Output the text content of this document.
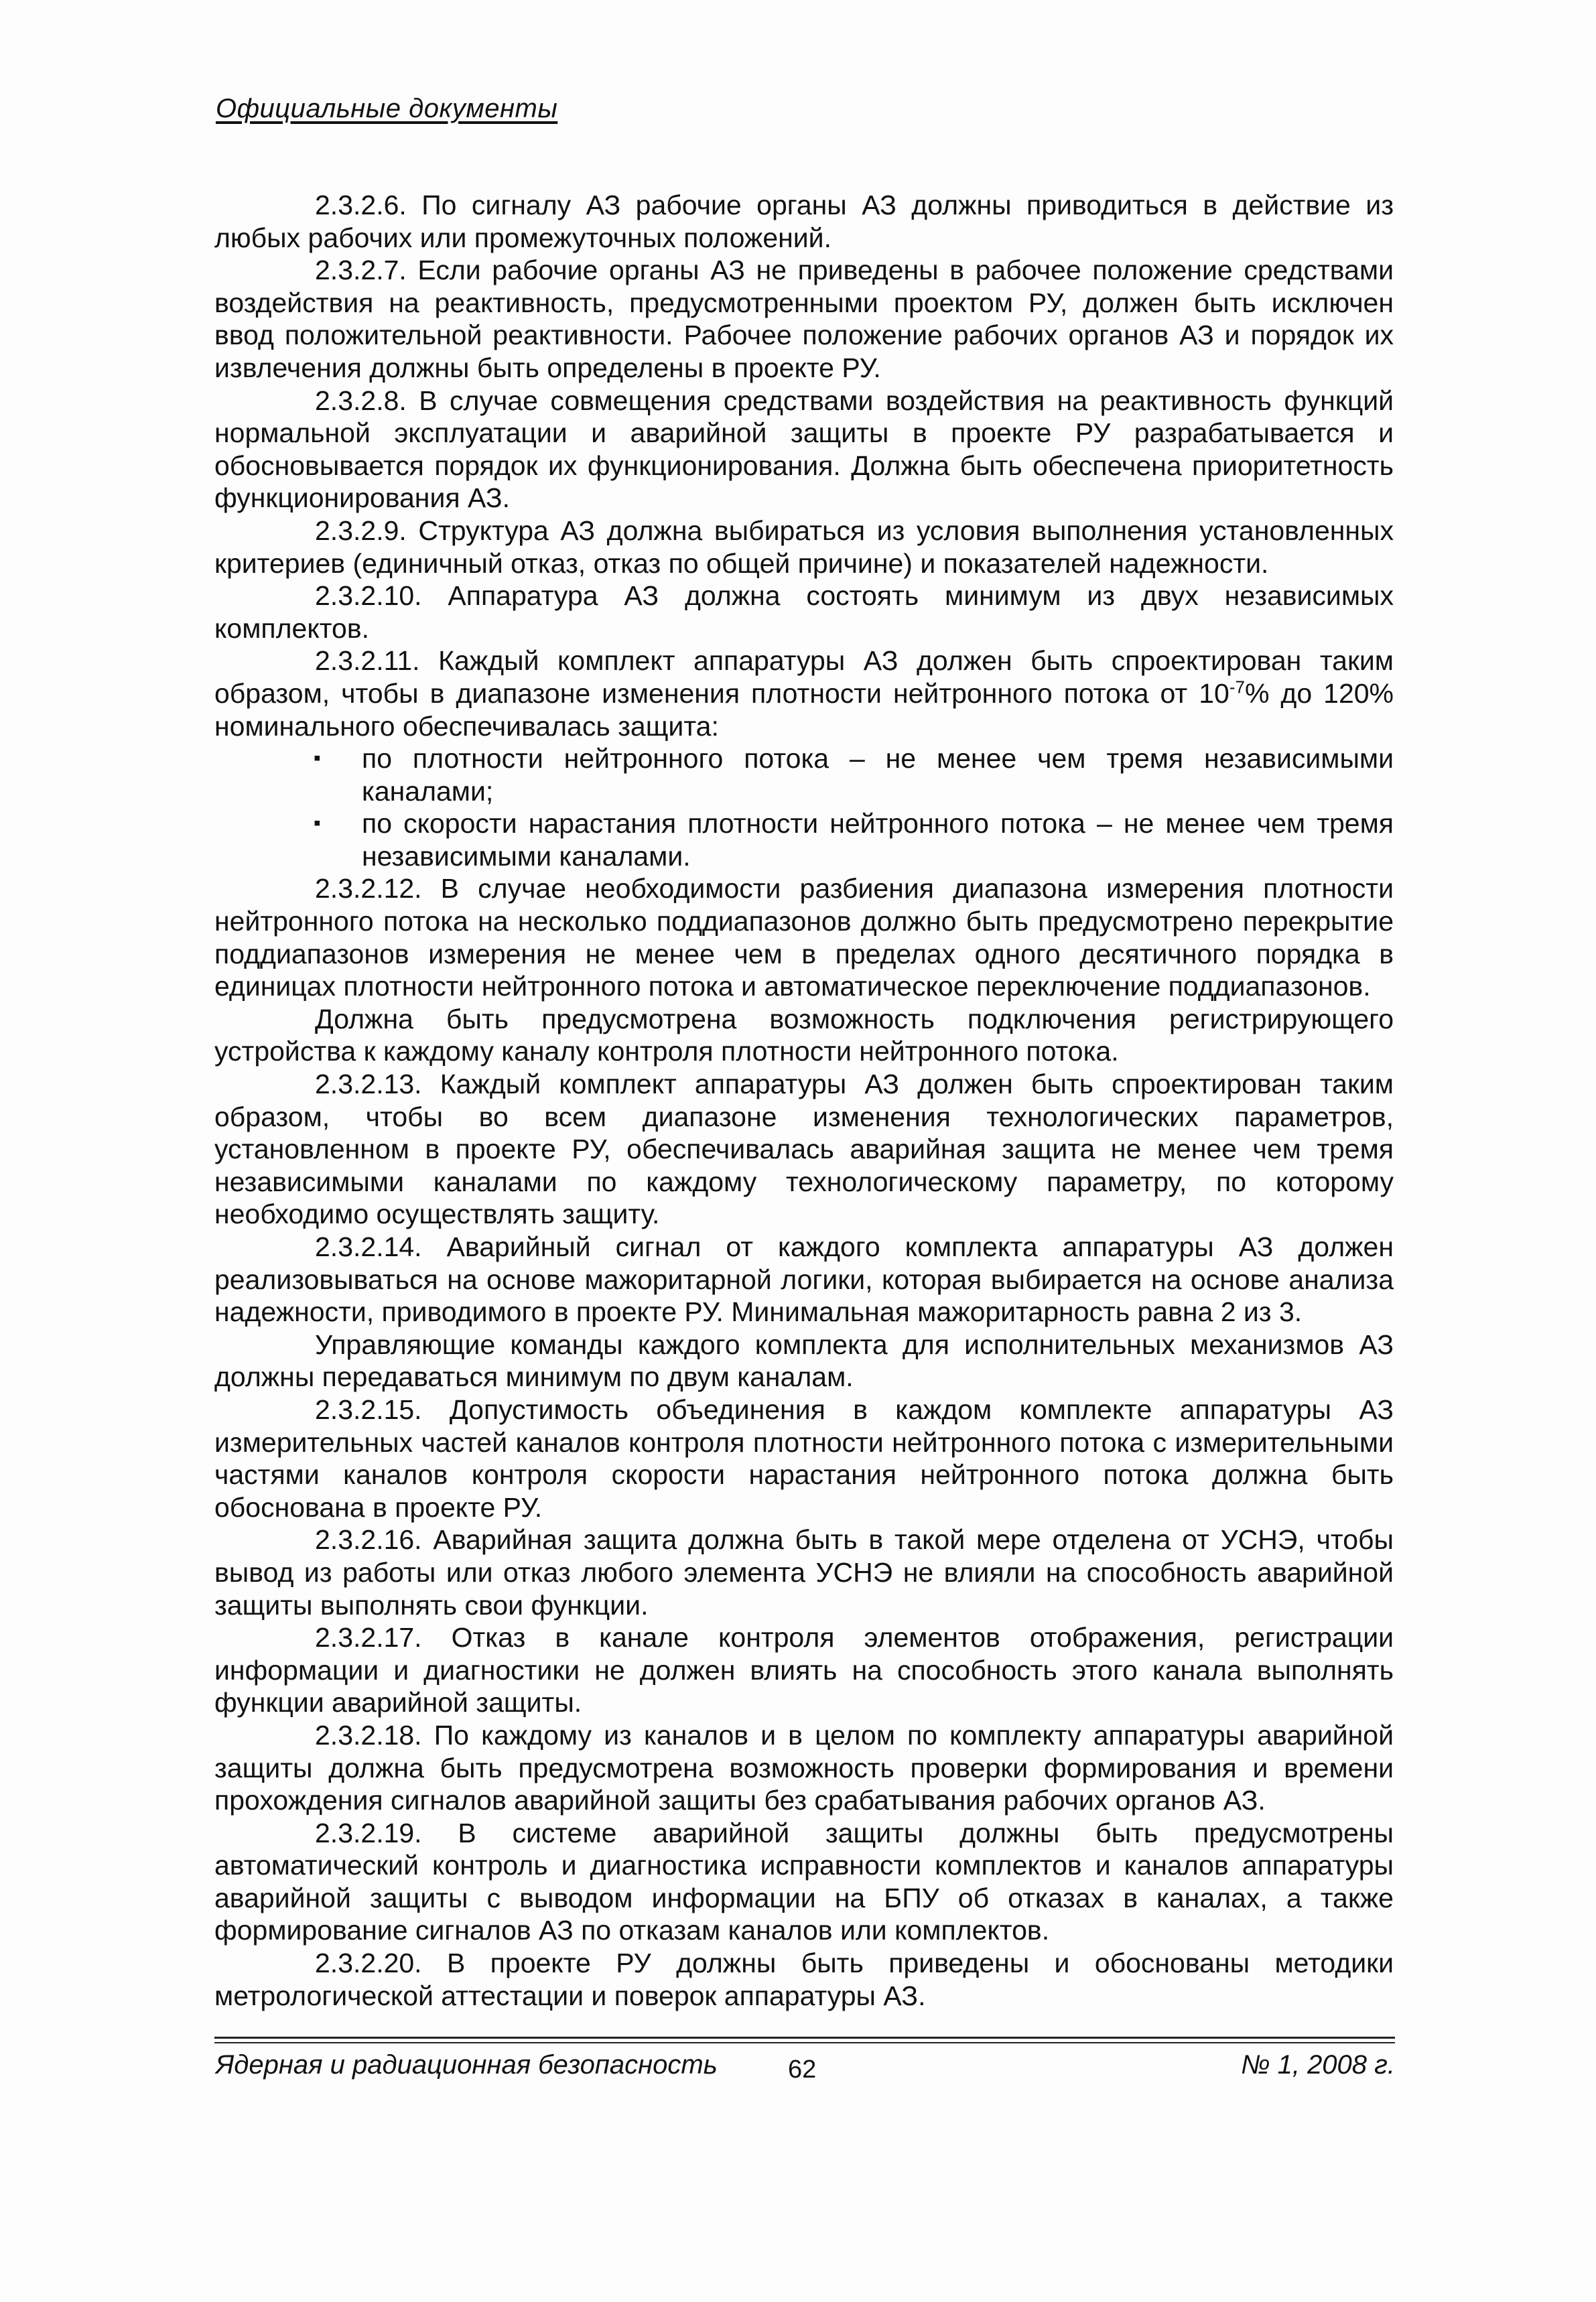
Официальные документы

2.3.2.6. По сигналу АЗ рабочие органы АЗ должны приводиться в действие из любых рабочих или промежуточных положений.

2.3.2.7. Если рабочие органы АЗ не приведены в рабочее положение средствами воздействия на реактивность, предусмотренными проектом РУ, должен быть исключен ввод положительной реактивности. Рабочее положение рабочих органов АЗ и порядок их извлечения должны быть определены в проекте РУ.

2.3.2.8. В случае совмещения средствами воздействия на реактивность функций нормальной эксплуатации и аварийной защиты в проекте РУ разрабатывается и обосновывается порядок их функционирования. Должна быть обеспечена приоритетность функционирования АЗ.

2.3.2.9. Структура АЗ должна выбираться из условия выполнения установленных критериев (единичный отказ, отказ по общей причине) и показателей надежности.

2.3.2.10. Аппаратура АЗ должна состоять минимум из двух независимых комплектов.

2.3.2.11. Каждый комплект аппаратуры АЗ должен быть спроектирован таким образом, чтобы в диапазоне изменения плотности нейтронного потока от $10^{-7}\%$ до 120% номинального обеспечивалась защита:

▪ по плотности нейтронного потока – не менее чем тремя независимыми каналами;
▪ по скорости нарастания плотности нейтронного потока – не менее чем тремя независимыми каналами.

2.3.2.12. В случае необходимости разбиения диапазона измерения плотности нейтронного потока на несколько поддиапазонов должно быть предусмотрено перекрытие поддиапазонов измерения не менее чем в пределах одного десятичного порядка в единицах плотности нейтронного потока и автоматическое переключение поддиапазонов.

Должна быть предусмотрена возможность подключения регистрирующего устройства к каждому каналу контроля плотности нейтронного потока.

2.3.2.13. Каждый комплект аппаратуры АЗ должен быть спроектирован таким образом, чтобы во всем диапазоне изменения технологических параметров, установленном в проекте РУ, обеспечивалась аварийная защита не менее чем тремя независимыми каналами по каждому технологическому параметру, по которому необходимо осуществлять защиту.

2.3.2.14. Аварийный сигнал от каждого комплекта аппаратуры АЗ должен реализовываться на основе мажоритарной логики, которая выбирается на основе анализа надежности, приводимого в проекте РУ. Минимальная мажоритарность равна 2 из 3.

Управляющие команды каждого комплекта для исполнительных механизмов АЗ должны передаваться минимум по двум каналам.

2.3.2.15. Допустимость объединения в каждом комплекте аппаратуры АЗ измерительных частей каналов контроля плотности нейтронного потока с измерительными частями каналов контроля скорости нарастания нейтронного потока должна быть обоснована в проекте РУ.

2.3.2.16. Аварийная защита должна быть в такой мере отделена от УСНЭ, чтобы вывод из работы или отказ любого элемента УСНЭ не влияли на способность аварийной защиты выполнять свои функции.

2.3.2.17. Отказ в канале контроля элементов отображения, регистрации информации и диагностики не должен влиять на способность этого канала выполнять функции аварийной защиты.

2.3.2.18. По каждому из каналов и в целом по комплекту аппаратуры аварийной защиты должна быть предусмотрена возможность проверки формирования и времени прохождения сигналов аварийной защиты без срабатывания рабочих органов АЗ.

2.3.2.19. В системе аварийной защиты должны быть предусмотрены автоматический контроль и диагностика исправности комплектов и каналов аппаратуры аварийной защиты с выводом информации на БПУ об отказах в каналах, а также формирование сигналов АЗ по отказам каналов или комплектов.

2.3.2.20. В проекте РУ должны быть приведены и обоснованы методики метрологической аттестации и поверок аппаратуры АЗ.

Ядерная и радиационная безопасность	62	№ 1, 2008 г.
